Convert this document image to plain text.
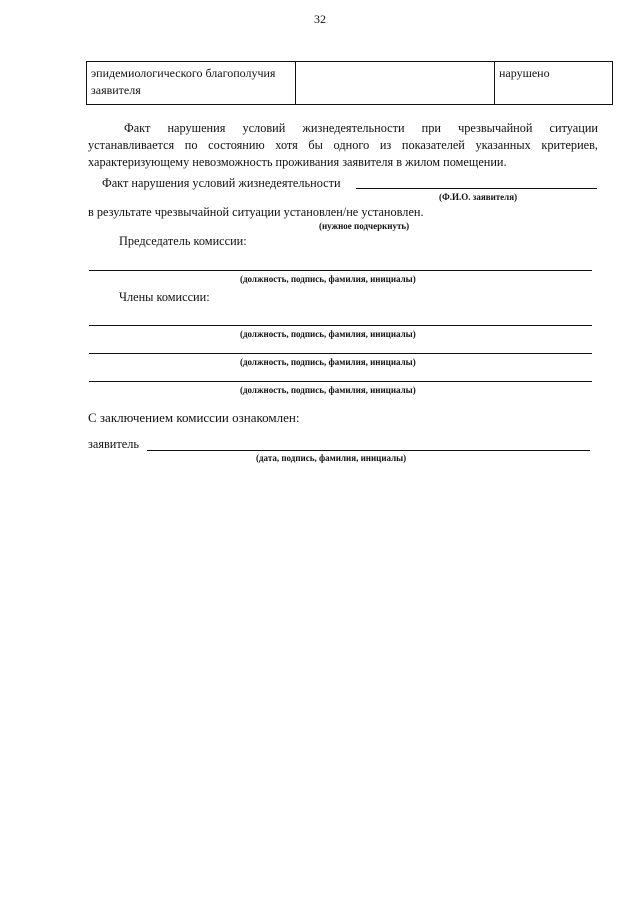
32
эпидемиологического благополучия заявителя		нарушено

Факт нарушения условий жизнедеятельности при чрезвычайной ситуации устанавливается по состоянию хотя бы одного из показателей указанных критериев, характеризующему невозможность проживания заявителя в жилом помещении.

Факт нарушения условий жизнедеятельности
(Ф.И.О. заявителя)
в результате чрезвычайной ситуации установлен/не установлен.
(нужное подчеркнуть)
Председатель комиссии:
(должность, подпись, фамилия, инициалы)
Члены комиссии:
(должность, подпись, фамилия, инициалы)
(должность, подпись, фамилия, инициалы)
(должность, подпись, фамилия, инициалы)
С заключением комиссии ознакомлен:
заявитель
(дата, подпись, фамилия, инициалы)
